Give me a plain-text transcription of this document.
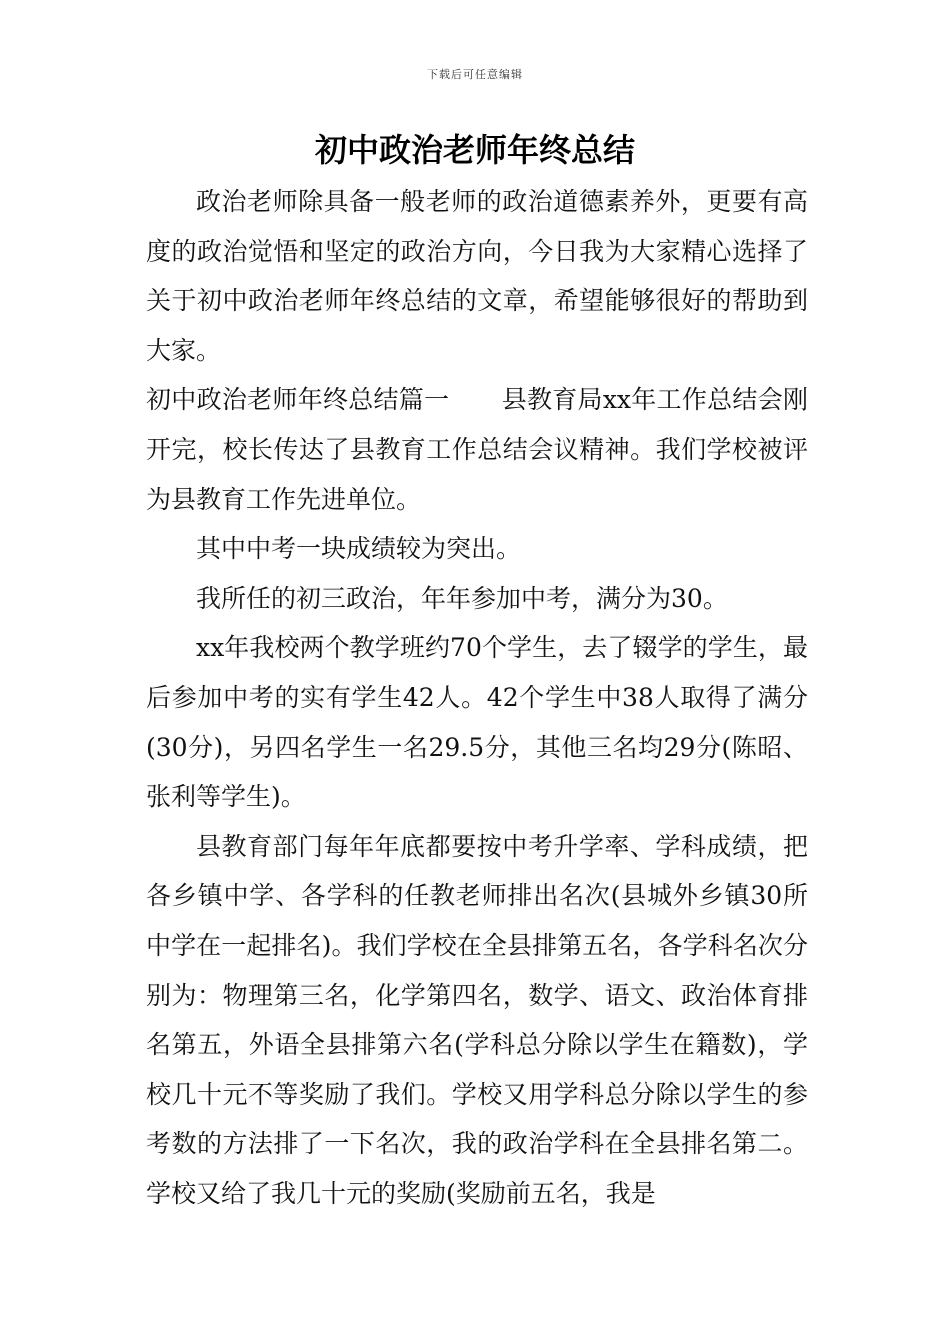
下载后可任意编辑
初中政治老师年终总结

政治老师除具备一般老师的政治道德素养外，更要有高度的政治觉悟和坚定的政治方向，今日我为大家精心选择了关于初中政治老师年终总结的文章，希望能够很好的帮助到大家。

初中政治老师年终总结篇一 县教育局xx年工作总结会刚开完，校长传达了县教育工作总结会议精神。我们学校被评为县教育工作先进单位。

其中中考一块成绩较为突出。

我所任的初三政治，年年参加中考，满分为30。

xx年我校两个教学班约70个学生，去了辍学的学生，最后参加中考的实有学生42人。42个学生中38人取得了满分(30分)，另四名学生一名29.5分，其他三名均29分(陈昭、张利等学生)。

县教育部门每年年底都要按中考升学率、学科成绩，把各乡镇中学、各学科的任教老师排出名次(县城外乡镇30所中学在一起排名)。我们学校在全县排第五名，各学科名次分别为：物理第三名，化学第四名，数学、语文、政治体育排名第五，外语全县排第六名(学科总分除以学生在籍数)，学校几十元不等奖励了我们。学校又用学科总分除以学生的参考数的方法排了一下名次，我的政治学科在全县排名第二。学校又给了我几十元的奖励(奖励前五名，我是
